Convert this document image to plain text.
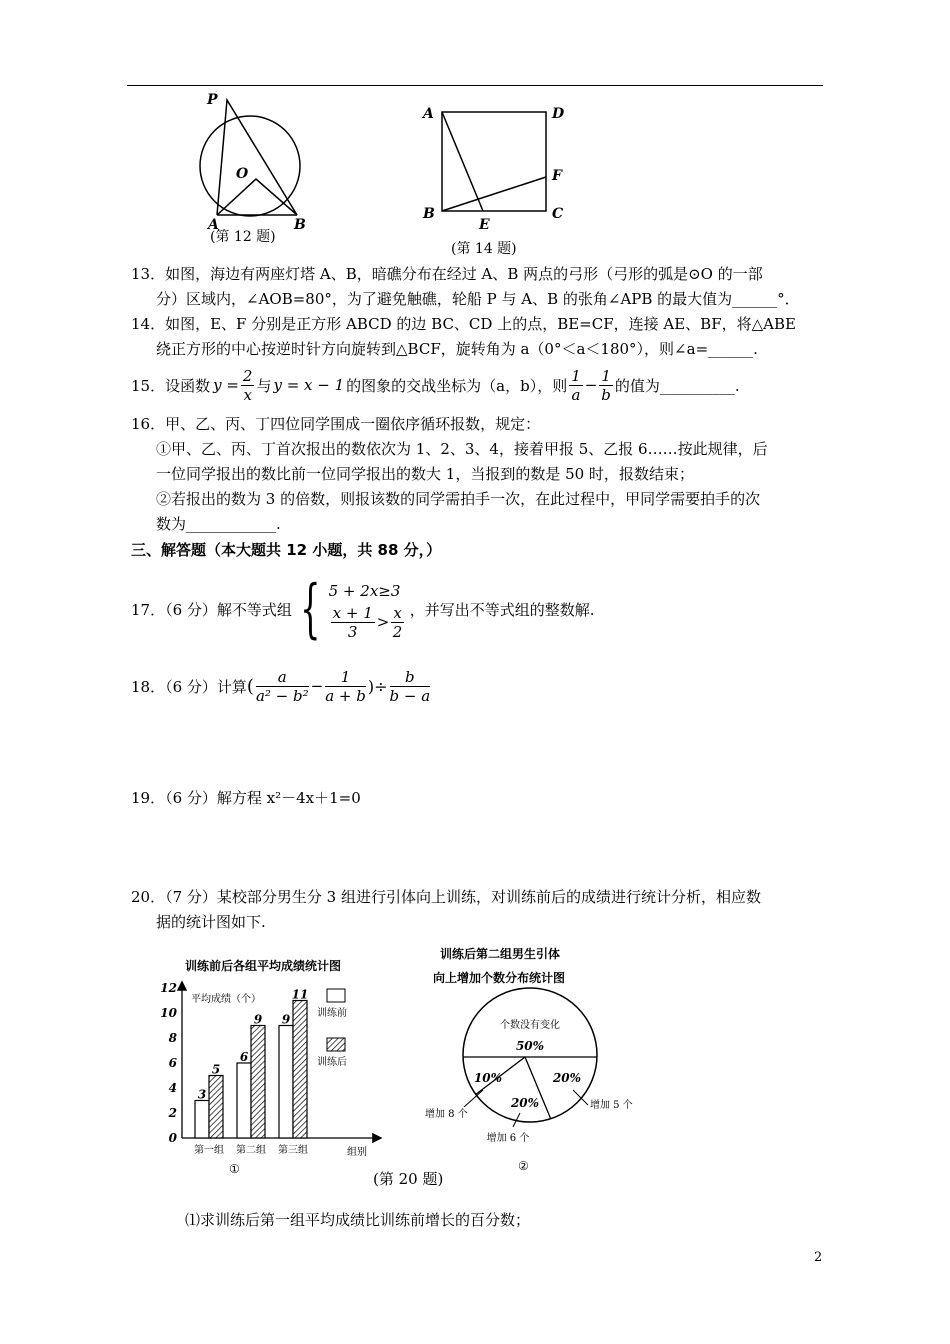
P
O
A	B
(第 12 题)
A	D
F
B
E
C
(第 14 题)
13．如图，海边有两座灯塔 A、B，暗礁分布在经过 A、B 两点的弓形（弓形的弧是⊙O 的一部
分）区域内，∠AOB=80°，为了避免触礁，轮船 P 与 A、B 的张角∠APB 的最大值为______°．
14．如图，E、F 分别是正方形 ABCD 的边 BC、CD 上的点，BE=CF，连接 AE、BF，将△ABE
绕正方形的中心按逆时针方向旋转到△BCF，旋转角为 a（0°＜a＜180°），则∠a=______.
15．设函数 $y = \frac{2}{x}$ 与 y = x − 1 的图象的交战坐标为（a，b），则 $\frac{1}{a} - \frac{1}{b}$ 的值为__________.
16．甲、乙、丙、丁四位同学围成一圈依序循环报数，规定：
①甲、乙、丙、丁首次报出的数依次为 1、2、3、4，接着甲报 5、乙报 6……按此规律，后
一位同学报出的数比前一位同学报出的数大 1，当报到的数是 50 时，报数结束；
②若报出的数为 3 的倍数，则报该数的同学需拍手一次，在此过程中，甲同学需要拍手的次
数为____________.
三、解答题（本大题共 12 小题，共 88 分，）
17．（6 分）解不等式组 { 5 + 2x≥3
$\frac{x + 1}{3} > \frac{x}{2}$ ，并写出不等式组的整数解.
18．（6 分）计算 ( $\frac{a}{\text{a² − b²}} - \frac{1}{a + b}$ )÷ $\frac{b}{b - a}$
19．（6 分）解方程 x²－4x＋1=0
20．（7 分）某校部分男生分 3 组进行引体向上训练，对训练前后的成绩进行统计分析，相应数
据的统计图如下.
训练前后各组平均成绩统计图
平均成绩（个）
组别
①
训练前
训练后
0
2
4
6
8
10
12
第一组
3
5
第二组
6
9
第三组
9
11
训练后第二组男生引体
向上增加个数分布统计图
②
个数没有变化
50%
20%
20%
10%
增加 5 个
增加 6 个
增加 8 个
(第 20 题)
⑴求训练后第一组平均成绩比训练前增长的百分数；
2
